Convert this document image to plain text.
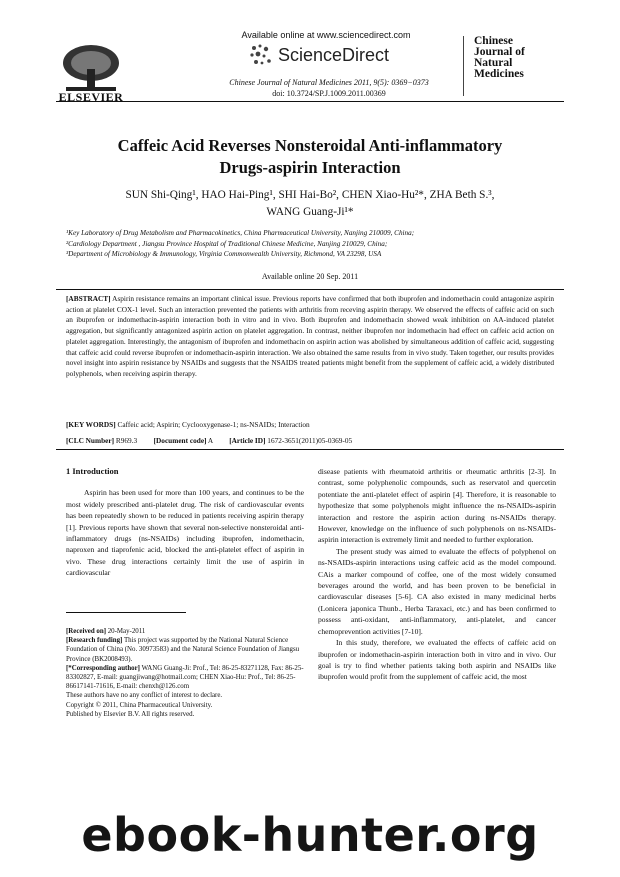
ELSEVIER
Available online at www.sciencedirect.com
ScienceDirect
Chinese Journal of Natural Medicines 2011, 9(5): 0369−0373
doi: 10.3724/SP.J.1009.2011.00369
Chinese
Journal of
Natural
Medicines
Caffeic Acid Reverses Nonsteroidal Anti-inflammatory
Drugs-aspirin Interaction
SUN Shi-Qing¹, HAO Hai-Ping¹, SHI Hai-Bo², CHEN Xiao-Hu²*, ZHA Beth S.³,
WANG Guang-Ji¹*
¹Key Laboratory of Drug Metabolism and Pharmacokinetics, China Pharmaceutical University, Nanjing 210009, China;
²Cardiology Department , Jiangsu Province Hospital of Traditional Chinese Medicine, Nanjing 210029, China;
³Department of Microbiology & Immunology, Virginia Commonwealth University, Richmond, VA 23298, USA
Available online 20 Sep. 2011
[ABSTRACT] Aspirin resistance remains an important clinical issue. Previous reports have confirmed that both ibuprofen and indomethacin could antagonize aspirin action at platelet COX-1 level. Such an interaction prevented the patients with arthritis from receving aspirin therapy. We observed the effects of caffeic acid on such an ibuprofen or indomethacin-aspirin interaction both in vitro and in vivo. Both ibuprofen and indomethacin showed weak inhibition on AA-induced platelet aggregation, but significantly antagonized aspirin action on platelet aggregation. In contrast, neither ibuprofen nor indomethacin had effect on caffeic acid action on platelet aggregation. Interestingly, the antagonism of ibuprofen and indomethacin on aspirin action was abolished by simultaneous addition of caffeic acid, suggesting that caffeic acid could reverse ibuprofen or indomethacin-aspirin interaction. We also obtained the same results from in vivo study. Taken together, our results provides novel insight into aspirin resistance by NSAIDs and suggests that the NSAIDS treated patients might benefit from the supplement of caffeic acid, a widely distributed polyphenols, when receiving aspirin therapy.
[KEY WORDS] Caffeic acid; Aspirin; Cyclooxygenase-1; ns-NSAIDs; Interaction
[CLC Number] R969.3 [Document code] A [Article ID] 1672-3651(2011)05-0369-05
1 Introduction

Aspirin has been used for more than 100 years, and continues to be the most widely prescribed anti-platelet drug. The risk of cardiovascular events has been repeatedly shown to be reduced in patients receiving aspirin therapy [1]. Previous reports have shown that several non-selective nonsteroidal anti-inflammatory drugs (ns-NSAIDs) including ibuprofen, indomethacin, naproxen and tiaprofenic acid, blocked the anti-platelet effect of aspirin in vivo. These drug interactions certainly limit the use of aspirin in cardiovascular

[Received on] 20-May-2011

[Research funding] This project was supported by the National Natural Science Foundation of China (No. 30973583) and the Natural Science Foundation of Jiangsu Province (BK2008493).

[*Corresponding author] WANG Guang-Ji: Prof., Tel: 86-25-83271128, Fax: 86-25-83302827, E-mail: guangjiwang@hotmail.com; CHEN Xiao-Hu: Prof., Tel: 86-25-86617141-71616, E-mail: chenxh@126.com

These authors have no any conflict of interest to declare.

Copyright © 2011, China Pharmaceutical University.

Published by Elsevier B.V. All rights reserved.

disease patients with rheumatoid arthritis or rheumatic arthritis [2-3]. In contrast, some polyphenolic compounds, such as reservatol and quercetin potentiate the anti-platelet effect of aspirin [4]. Therefore, it is reasonable to hypothesize that some polyphenols might influence the ns-NSAIDs-aspirin interaction and restore the aspirin action during ns-NSAIDs therapy. However, knowledge on the influence of such polyphenols on ns-NSAIDs-aspirin interaction is extremely limit and needed to further exploration.

The present study was aimed to evaluate the effects of polyphenol on ns-NSAIDs-aspirin interactions using caffeic acid as the model compound. CAis a marker compound of coffee, one of the most widely consumed beverages around the world, and has been proven to be beneficial in cardiovascular diseases [5-6]. CA also existed in many medicinal herbs (Lonicera japonica Thunb., Herba Taraxaci, etc.) and has been confirmed to possess anti-oxidant, anti-inflammatory, anti-platelet, and cancer chemoprevention activities [7-10].

In this study, therefore, we evaluated the effects of caffeic acid on ibuprofen or indomethacin-aspirin interaction both in vitro and in vivo. Our goal is try to find whether patients taking both aspirin and NSAIDs like ibuprofen would profit from the supplement of caffeic acid, the most

ebook-hunter.org
